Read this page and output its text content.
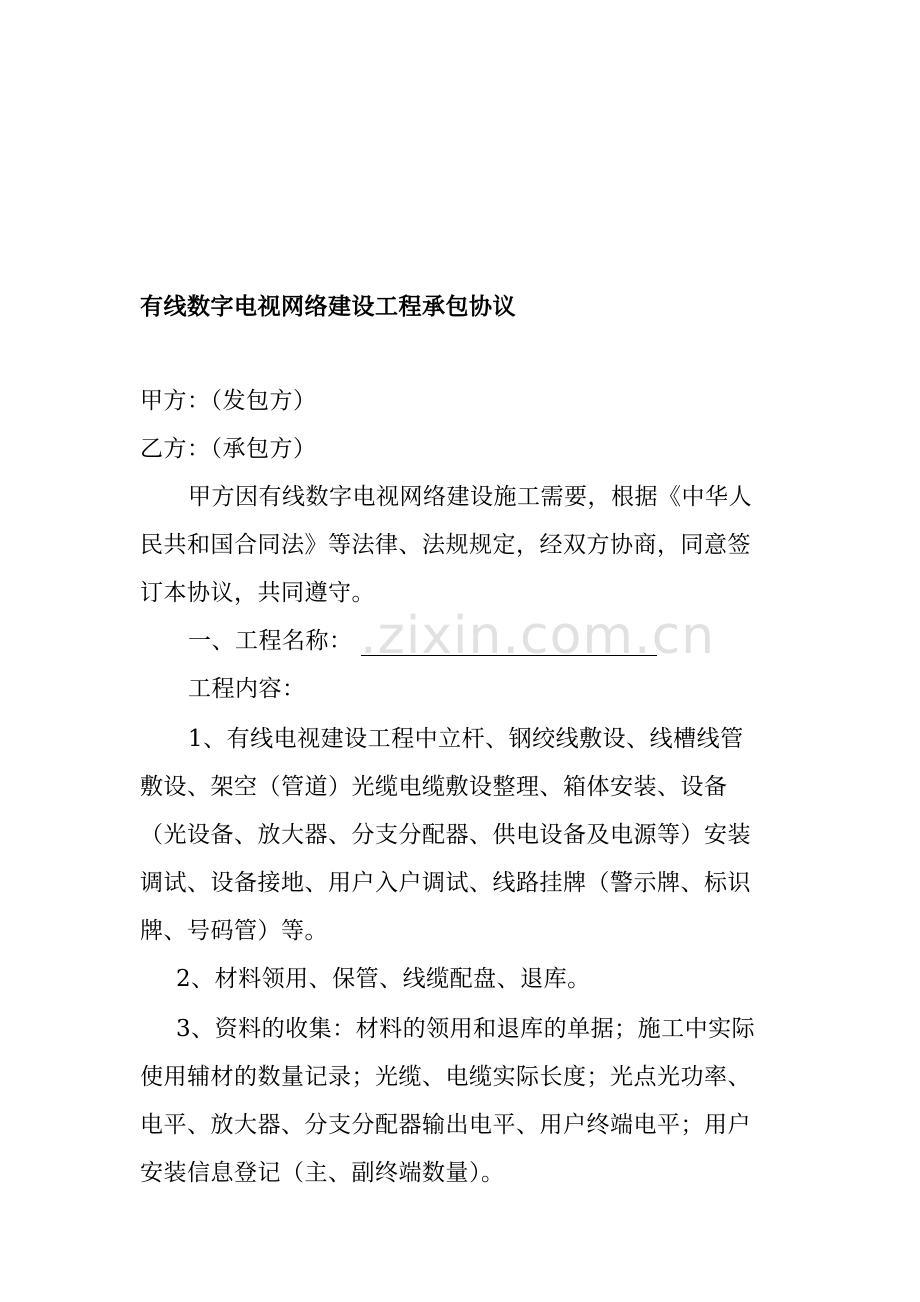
有线数字电视网络建设工程承包协议
甲方：（发包方）
乙方：（承包方）
甲方因有线数字电视网络建设施工需要，根据《中华人
民共和国合同法》等法律、法规规定，经双方协商，同意签
订本协议，共同遵守。
一、工程名称：
工程内容：
1、有线电视建设工程中立杆、钢绞线敷设、线槽线管
敷设、架空（管道）光缆电缆敷设整理、箱体安装、设备
（光设备、放大器、分支分配器、供电设备及电源等）安装
调试、设备接地、用户入户调试、线路挂牌（警示牌、标识
牌、号码管）等。
2、材料领用、保管、线缆配盘、退库。
3、资料的收集：材料的领用和退库的单据；施工中实际
使用辅材的数量记录；光缆、电缆实际长度；光点光功率、
电平、放大器、分支分配器输出电平、用户终端电平；用户
安装信息登记（主、副终端数量）。
.zixin.com.cn
